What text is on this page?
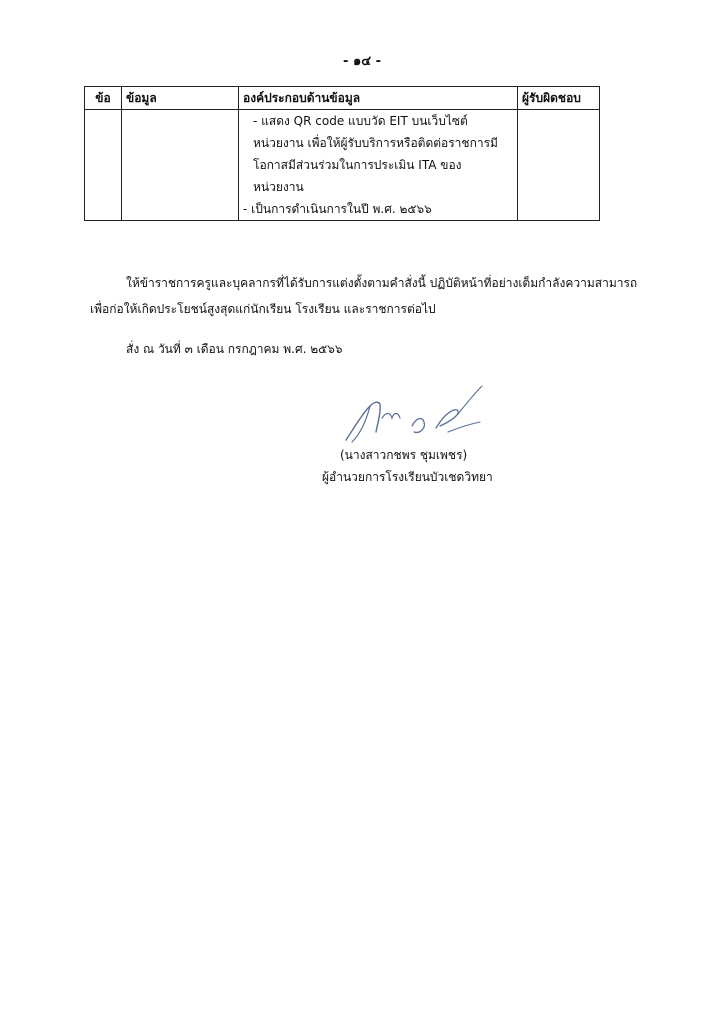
- ๑๔ -
ข้อ	ข้อมูล	องค์ประกอบด้านข้อมูล	ผู้รับผิดชอบ

		- แสดง QR code แบบวัด EIT บนเว็บไซต์
หน่วยงาน เพื่อให้ผู้รับบริการหรือติดต่อราชการมี
โอกาสมีส่วนร่วมในการประเมิน ITA ของ
หน่วยงาน
- เป็นการดำเนินการในปี พ.ศ. ๒๕๖๖	

ให้ข้าราชการครูและบุคลากรที่ได้รับการแต่งตั้งตามคำสั่งนี้ ปฏิบัติหน้าที่อย่างเต็มกำลังความสามารถ เพื่อก่อให้เกิดประโยชน์สูงสุดแก่นักเรียน โรงเรียน และราชการต่อไป
สั่ง ณ วันที่ ๓ เดือน กรกฎาคม พ.ศ. ๒๕๖๖
(นางสาวกชพร ชุมเพชร)
ผู้อำนวยการโรงเรียนบัวเชดวิทยา
